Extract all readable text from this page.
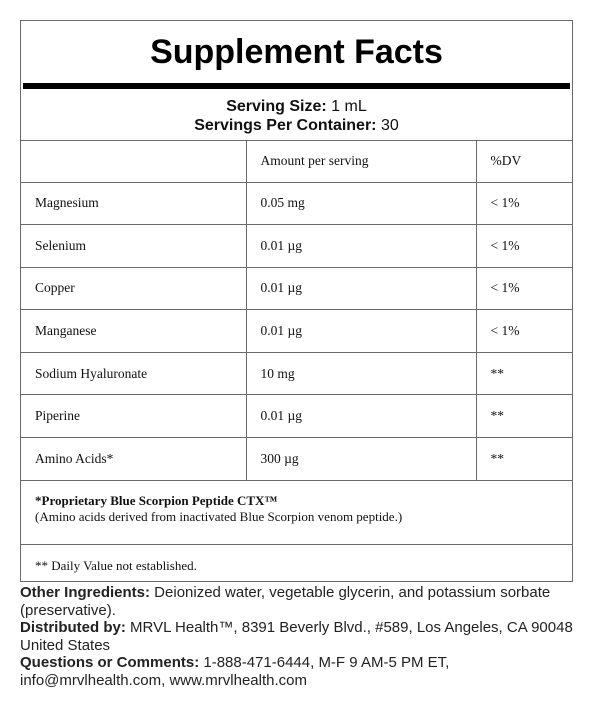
Supplement Facts
Serving Size: 1 mL
Servings Per Container: 30
	Amount per serving	%DV
Magnesium	0.05 mg	< 1%
Selenium	0.01 µg	< 1%
Copper	0.01 µg	< 1%
Manganese	0.01 µg	< 1%
Sodium Hyaluronate	10 mg	**
Piperine	0.01 µg	**
Amino Acids*	300 µg	**
*Proprietary Blue Scorpion Peptide CTX™
(Amino acids derived from inactivated Blue Scorpion venom peptide.)
** Daily Value not established.

Other Ingredients: Deionized water, vegetable glycerin, and potassium sorbate (preservative).

Distributed by: MRVL Health™, 8391 Beverly Blvd., #589, Los Angeles, CA 90048 United States

Questions or Comments: 1-888-471-6444, M-F 9 AM-5 PM ET, info@mrvlhealth.com, www.mrvlhealth.com
